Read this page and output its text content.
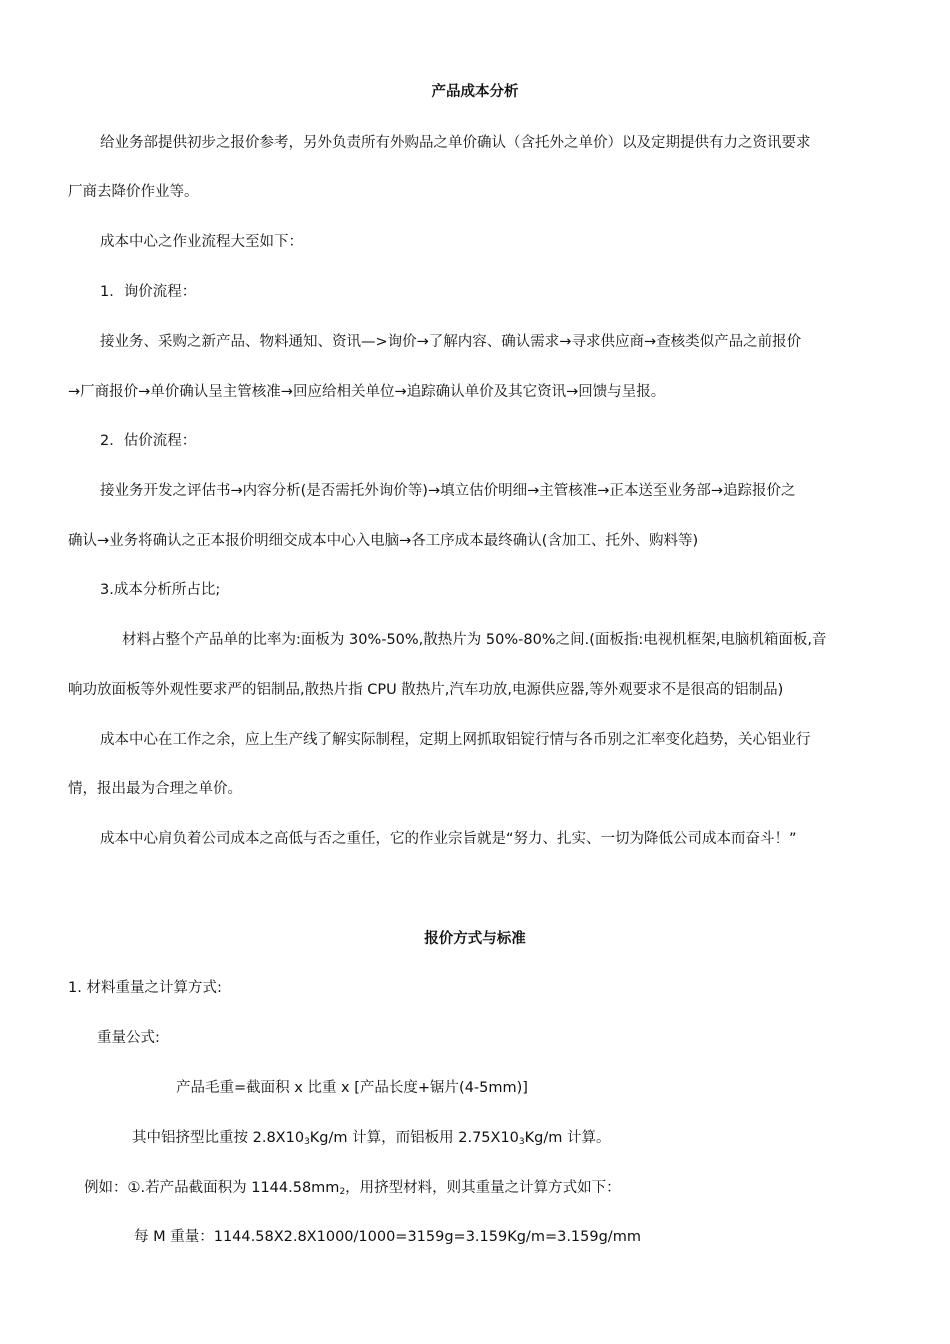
产品成本分析
给业务部提供初步之报价参考，另外负责所有外购品之单价确认（含托外之单价）以及定期提供有力之资讯要求
厂商去降价作业等。
成本中心之作业流程大至如下：
1．询价流程：
接业务、采购之新产品、物料通知、资讯—>询价→了解内容、确认需求→寻求供应商→查核类似产品之前报价
→厂商报价→单价确认呈主管核准→回应给相关单位→追踪确认单价及其它资讯→回馈与呈报。
2．估价流程：
接业务开发之评估书→内容分析(是否需托外询价等)→填立估价明细→主管核准→正本送至业务部→追踪报价之
确认→业务将确认之正本报价明细交成本中心入电脑→各工序成本最终确认(含加工、托外、购料等)
3.成本分析所占比;
材料占整个产品单的比率为:面板为 30%-50%,散热片为 50%-80%之间.(面板指:电视机框架,电脑机箱面板,音
响功放面板等外观性要求严的铝制品,散热片指 CPU 散热片,汽车功放,电源供应器,等外观要求不是很高的铝制品)
成本中心在工作之余，应上生产线了解实际制程，定期上网抓取铝锭行情与各币别之汇率变化趋势，关心铝业行
情，报出最为合理之单价。
成本中心肩负着公司成本之高低与否之重任，它的作业宗旨就是“努力、扎实、一切为降低公司成本而奋斗！”
报价方式与标准
1. 材料重量之计算方式:
重量公式:
产品毛重=截面积 x 比重 x [产品长度+锯片(4-5mm)]
其中铝挤型比重按 $2.8X10_3Kg/m$ 计算，而铝板用 $2.75X10_3Kg/m$ 计算。
例如：①.若产品截面积为 $1144.58mm_2$，用挤型材料，则其重量之计算方式如下：
每 M 重量：1144.58X2.8X1000/1000=3159g=3.159Kg/m=3.159g/mm
